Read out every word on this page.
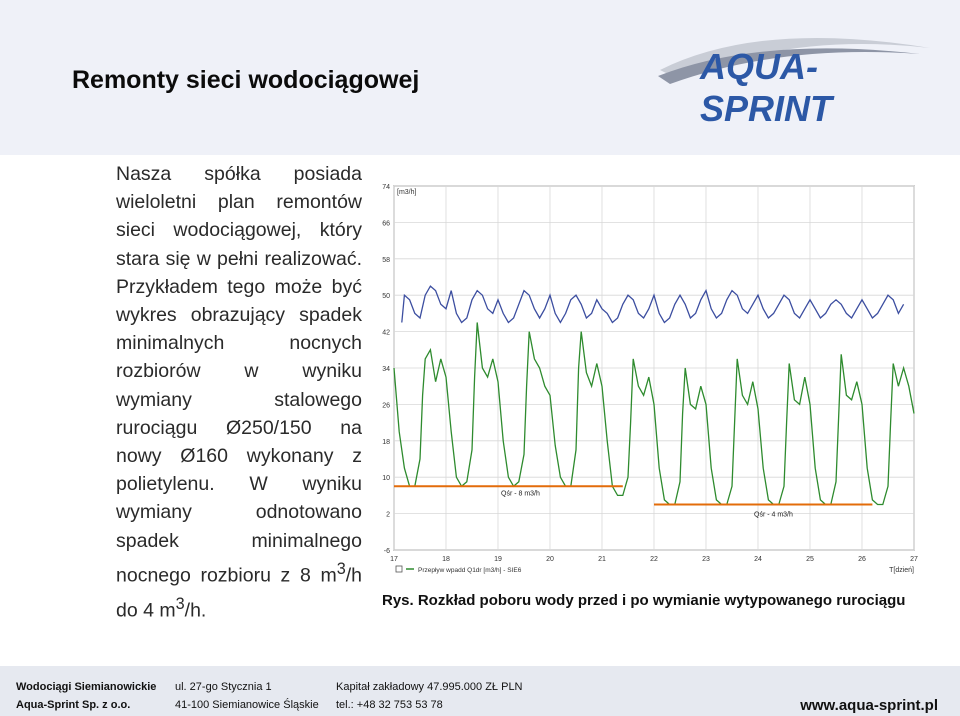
Remonty sieci wodociągowej	AQUA-SPRINT

Nasza spółka posiada wieloletni plan remontów sieci wodociągowej, który stara się w pełni realizować. Przykładem tego może być wykres obrazujący spadek minimalnych nocnych rozbiorów w wyniku wymiany stalowego rurociągu Ø250/150 na nowy Ø160 wykonany z polietylenu. W wyniku wymiany odnotowano spadek minimalnego nocnego rozbioru z 8 $m^3/h$ do 4 $m^3/h$.

74
66
58
50
42
34
26
18
10
2
-6
17	18	19	20	21	22	23	24	25	26	27
[m3/h]
T[dzień]
Qśr - 8 m3/h
Qśr - 4 m3/h
Przepływ wpadd Q1dr [m3/h] - SIE6
Rys. Rozkład poboru wody przed i po wymianie wytypowanego rurociągu
Wodociągi Siemianowickie
Aqua-Sprint Sp. z o.o.
ul. 27-go Stycznia 1
41-100 Siemianowice Śląskie
Kapitał zakładowy 47.995.000 ZŁ PLN
tel.: +48 32 753 53 78	www.aqua-sprint.pl
